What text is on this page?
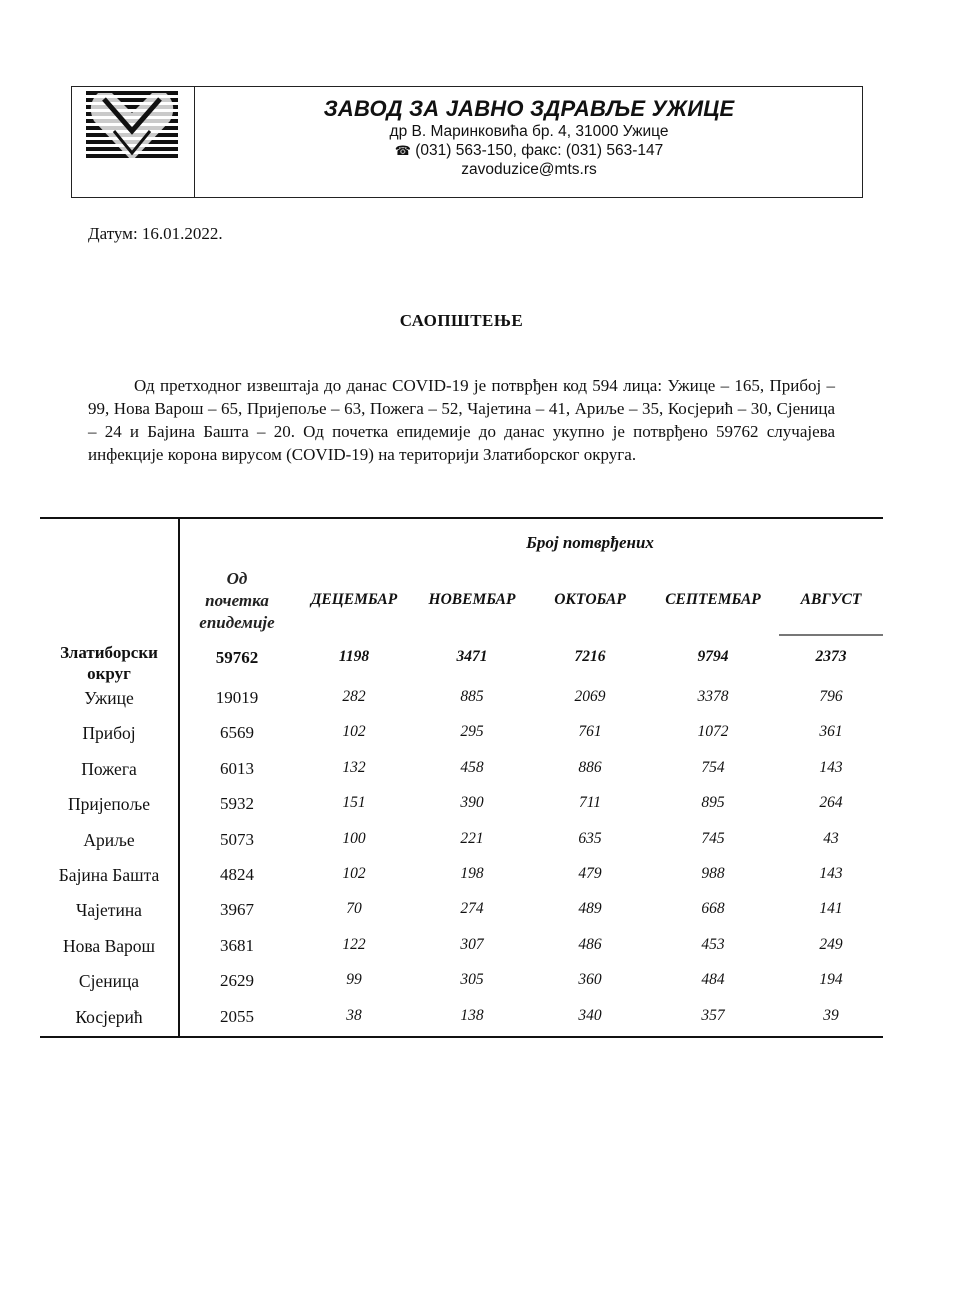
ЗАВОД ЗА ЈАВНО ЗДРАВЉЕ УЖИЦЕ
др В. Маринковића бр. 4, 31000 Ужице
☎ (031) 563-150, факс: (031) 563-147
zavoduzice@mts.rs
Датум: 16.01.2022.
САОПШТЕЊЕ

Од претходног извештаја до данас COVID-19 је потврђен код 594 лица: Ужице – 165, Прибој – 99, Нова Варош – 65, Пријепоље – 63, Пожега – 52, Чајетина – 41, Ариље – 35, Косјерић – 30, Сјеница – 24 и Бајина Башта – 20. Од почетка епидемије до данас укупно је потврђено 59762 случајева инфекције корона вирусом (COVID-19) на територији Златиборског округа.

Број потврђених
Од
почетка
епидемије
ДЕЦЕМБАР	НОВЕМБАР	ОКТОБАР	СЕПТЕМБАР	АВГУСТ
Златиборски
округ
59762	1198	3471	7216	9794	2373
Ужице	19019	282	885	2069	3378	796
Прибој	6569	102	295	761	1072	361
Пожега	6013	132	458	886	754	143
Пријепоље	5932	151	390	711	895	264
Ариље	5073	100	221	635	745	43
Бајина Башта	4824	102	198	479	988	143
Чајетина	3967	70	274	489	668	141
Нова Варош	3681	122	307	486	453	249
Сјеница	2629	99	305	360	484	194
Косјерић	2055	38	138	340	357	39
